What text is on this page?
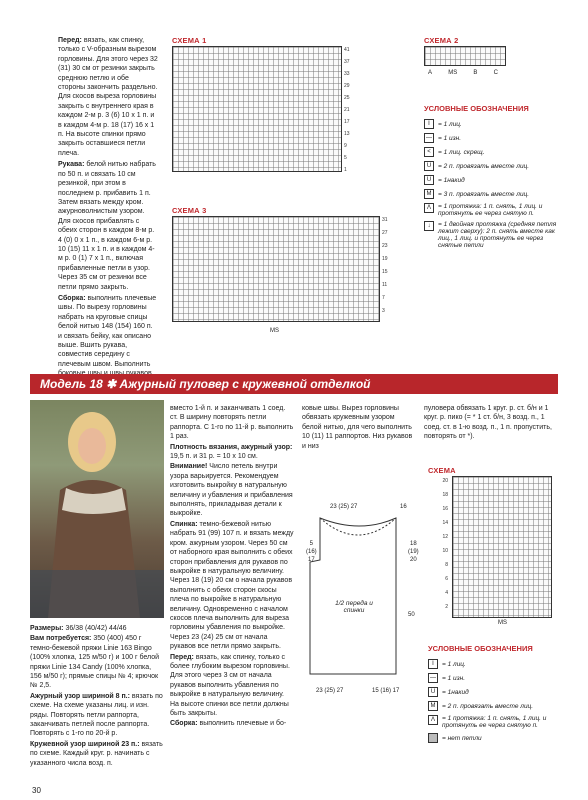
Перед: вязать, как спинку, только с V-образным вырезом горловины. Для этого через 32 (31) 30 см от резинки закрыть среднюю петлю и обе стороны закончить раздельно. Для скосов выреза горловины закрыть с внутреннего края в каждом 2-м р. 3 (6) 10 х 1 п. и в каждом 4-м р. 18 (17) 16 х 1 п. На высоте спинки прямо закрыть оставшиеся петли плеча.

Рукава: белой нитью набрать по 50 п. и связать 10 см резинкой, при этом в последнем р. прибавить 1 п. Затем вязать между кром. ажурноволнистым узором. Для скосов прибавлять с обеих сторон в каждом 8-м р. 4 (0) 0 х 1 п., в каждом 6-м р. 10 (15) 11 х 1 п. и в каждом 4-м р. 0 (1) 7 х 1 п., включая прибавленные петли в узор. Через 35 см от резинки все петли прямо закрыть.

Сборка: выполнить плечевые швы. По вырезу горловины набрать на круговые спицы белой нитью 148 (154) 160 п. и связать бейку, как описано выше. Вшить рукава, совместив середину с плечевым швом. Выполнить

СХЕМА 1
41
37
33
29
25
21
17
13
9
5
1
СХЕМА 2
A	MS	B	C
УСЛОВНЫЕ ОБОЗНАЧЕНИЯ
I	= 1 лиц.
— = 1 изн.
<	= 1 лиц. скрещ.
U	= 2 п. провязать вместе лиц.
U	= 1накид
M	= 3 п. провязать вместе лиц.
Λ	= 1 протяжка: 1 п. снять, 1 лиц. и протянуть ее через снятую п.
↓	= 1 двойная протяжка (средняя петля лежит сверху): 2 п. снять вместе как лиц., 1 лиц. и протянуть ее через снятые петли
СХЕМА 3
31
27
23
19
15
11
7
3
MS
Модель 18 ✱ Ажурный пуловер с кружевной отделкой

Размеры: 36/38 (40/42) 44/46

Вам потребуется: 350 (400) 450 г темно-бежевой пряжи Linie 163 Bingo (100% хлопка, 125 м/50 г) и 100 г белой пряжи Linie 134 Candy (100% хлопка, 156 м/50 г); прямые спицы № 4; крючок № 2,5.

Ажурный узор шириной 8 п.: вязать по схеме. На схеме указаны лиц. и изн. ряды. Повторять петли раппорта, заканчивать петлей после раппорта. Повторять с 1-го по 20-й р.

Кружевной узор шириной 23 п.: вязать по схеме. Каждый круг. р. начинать с указанного числа возд. п.

вместо 1-й п. и заканчивать 1 соед. ст. В ширину повторять петли раппорта. С 1-го по 11-й р. выполнить 1 раз.

Плотность вязания, ажурный узор: 19,5 п. и 31 р. = 10 х 10 см.

Внимание! Число петель внутри узора варьируется. Рекомендуем изготовить выкройку в натуральную величину и убавления и прибавления выполнять, прикладывая детали к выкройке.

Спинка: темно-бежевой нитью набрать 91 (99) 107 п. и вязать между кром. ажурным узором. Через 50 см от наборного края выполнить с обеих сторон прибавления для рукавов по выкройке в натуральную величину. Через 18 (19) 20 см о начала рукавов выполнить с обеих сторон скосы плеча по выкройке в натуральную величину. Одновременно с началом скосов плеча выполнить для выреза горловины убавления по выкройке. Через 23 (24) 25 см от начала рукавов все петли прямо закрыть.

Перед: вязать, как спинку, только с более глубоким вырезом горловины. Для этого через 3 см от начала рукавов выполнить убавления по выкройке в натуральную величину. На высоте спинки все петли должны быть закрыты.

Сборка: выполнить плечевые и бо-

ковые швы. Вырез горловины обвязать кружевным узором белой нитью, для чего выполнить 10 (11) 11 раппортов. Низ рукавов и низ
пуловера обвязать 1 круг. р. ст. б/н и 1 круг. р. пико (= * 1 ст. б/н, 3 возд. п., 1 соед. ст. в 1-ю возд. п., 1 п. пропустить, повторять от *).
23 (25) 27	16
5
(16)
17
18
(19)
20
1/2 переда и спинки
50
23 (25) 27	15 (16) 17
СХЕМА
20
18
16
14
12
10
8
6
4
2
MS
УСЛОВНЫЕ ОБОЗНАЧЕНИЯ
I	= 1 лиц.
— = 1 изн.
U	= 1накид
M	= 2 п. провязать вместе лиц.
Λ	= 1 протяжка: 1 п. снять, 1 лиц. и протянуть ее через снятую п.
= нет петли
30
